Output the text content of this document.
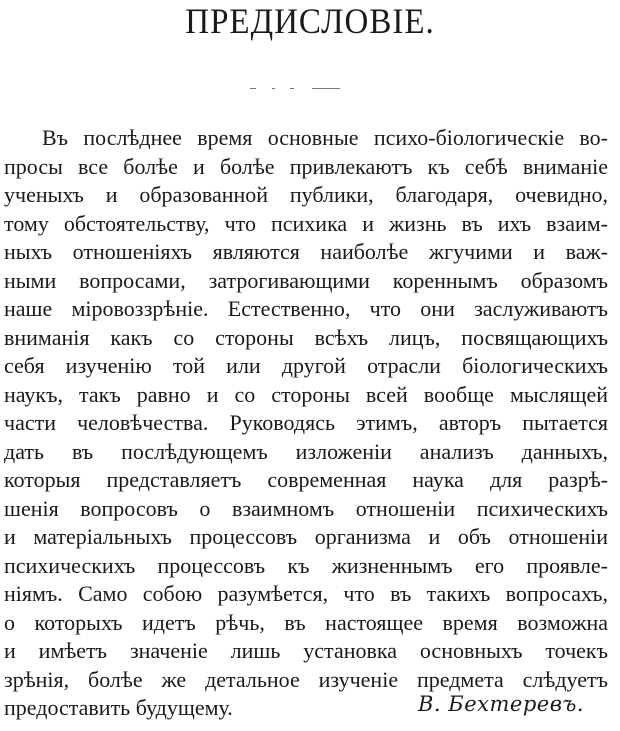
ПРЕДИСЛОВІЕ.
Въ послѣднее время основные психо-біологическіе во-
просы все болѣе и болѣе привлекаютъ къ себѣ вниманіе
ученыхъ и образованной публики, благодаря, очевидно,
тому обстоятельству, что психика и жизнь въ ихъ взаим-
ныхъ отношеніяхъ являются наиболѣе жгучими и важ-
ными вопросами, затрогивающими кореннымъ образомъ
наше міровоззрѣніе. Естественно, что они заслуживаютъ
вниманія какъ со стороны всѣхъ лицъ, посвящающихъ
себя изученію той или другой отрасли біологическихъ
наукъ, такъ равно и со стороны всей вообще мыслящей
части человѣчества. Руководясь этимъ, авторъ пытается
дать въ послѣдующемъ изложеніи анализъ данныхъ,
которыя представляетъ современная наука для разрѣ-
шенія вопросовъ о взаимномъ отношеніи психическихъ
и матеріальныхъ процессовъ организма и объ отношеніи
психическихъ процессовъ къ жизненнымъ его проявле-
ніямъ. Само собою разумѣется, что въ такихъ вопросахъ,
о которыхъ идетъ рѣчь, въ настоящее время возможна
и имѣетъ значеніе лишь установка основныхъ точекъ
зрѣнія, болѣе же детальное изученіе предмета слѣдуетъ
предоставить будущему.	В. Бехтеревъ.
